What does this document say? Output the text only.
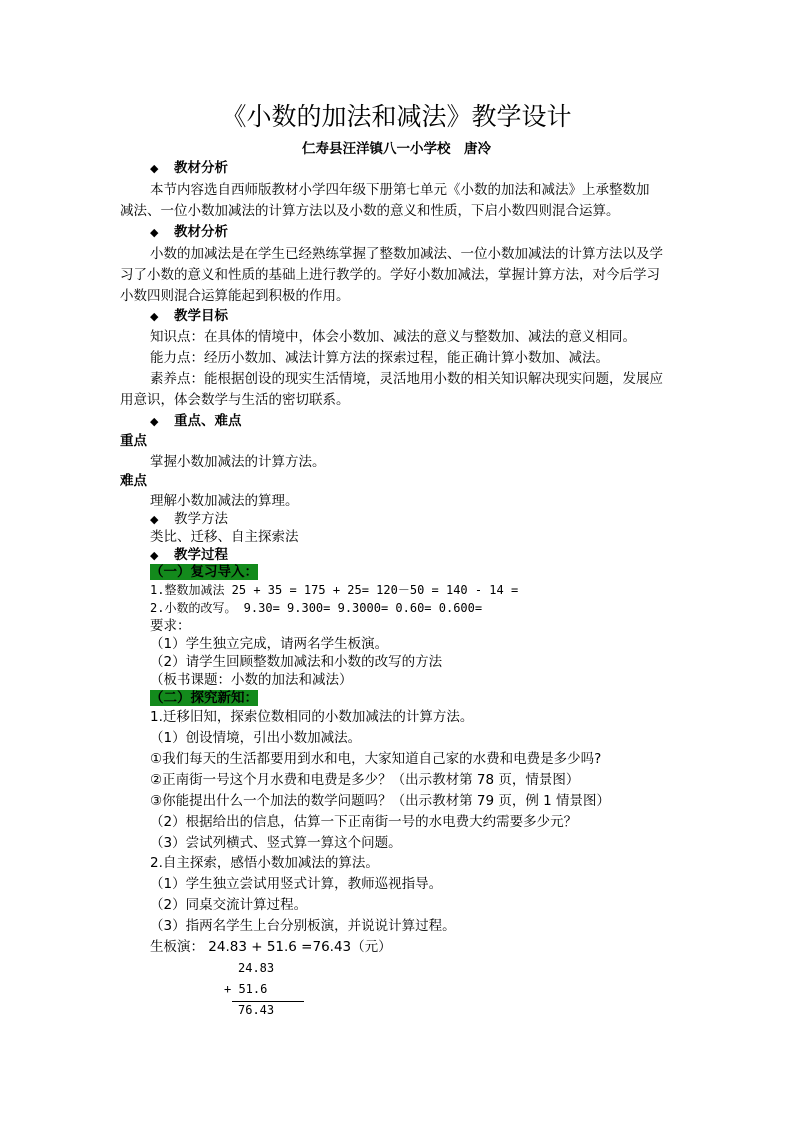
《小数的加法和减法》教学设计
仁寿县汪洋镇八一小学校　唐冷
◆ 教材分析
本节内容选自西师版教材小学四年级下册第七单元《小数的加法和减法》上承整数加
减法、一位小数加减法的计算方法以及小数的意义和性质，下启小数四则混合运算。
◆ 教材分析
小数的加减法是在学生已经熟练掌握了整数加减法、一位小数加减法的计算方法以及学
习了小数的意义和性质的基础上进行教学的。学好小数加减法，掌握计算方法，对今后学习
小数四则混合运算能起到积极的作用。
◆ 教学目标
知识点：在具体的情境中，体会小数加、减法的意义与整数加、减法的意义相同。
能力点：经历小数加、减法计算方法的探索过程，能正确计算小数加、减法。
素养点：能根据创设的现实生活情境，灵活地用小数的相关知识解决现实问题，发展应
用意识，体会数学与生活的密切联系。
◆ 重点、难点
重点
掌握小数加减法的计算方法。
难点
理解小数加减法的算理。
◆ 教学方法
类比、迁移、自主探索法
◆ 教学过程
（一）复习导入：
1.整数加减法 25 + 35 = 175 + 25= 120－50 = 140 - 14 =
2.小数的改写。 9.30= 9.300= 9.3000= 0.60= 0.600=
要求：
（1）学生独立完成，请两名学生板演。
（2）请学生回顾整数加减法和小数的改写的方法
（板书课题：小数的加法和减法）
（二）探究新知：
1.迁移旧知，探索位数相同的小数加减法的计算方法。
（1）创设情境，引出小数加减法。
①我们每天的生活都要用到水和电，大家知道自己家的水费和电费是多少吗?
②正南街一号这个月水费和电费是多少？（出示教材第 78 页，情景图）
③你能提出什么一个加法的数学问题吗？（出示教材第 79 页，例 1 情景图）
（2）根据给出的信息，估算一下正南街一号的水电费大约需要多少元？
（3）尝试列横式、竖式算一算这个问题。
2.自主探索，感悟小数加减法的算法。
（1）学生独立尝试用竖式计算，教师巡视指导。
（2）同桌交流计算过程。
（3）指两名学生上台分别板演，并说说计算过程。
生板演： 24.83 + 51.6 =76.43（元）
24.83
+ 51.6
76.43
